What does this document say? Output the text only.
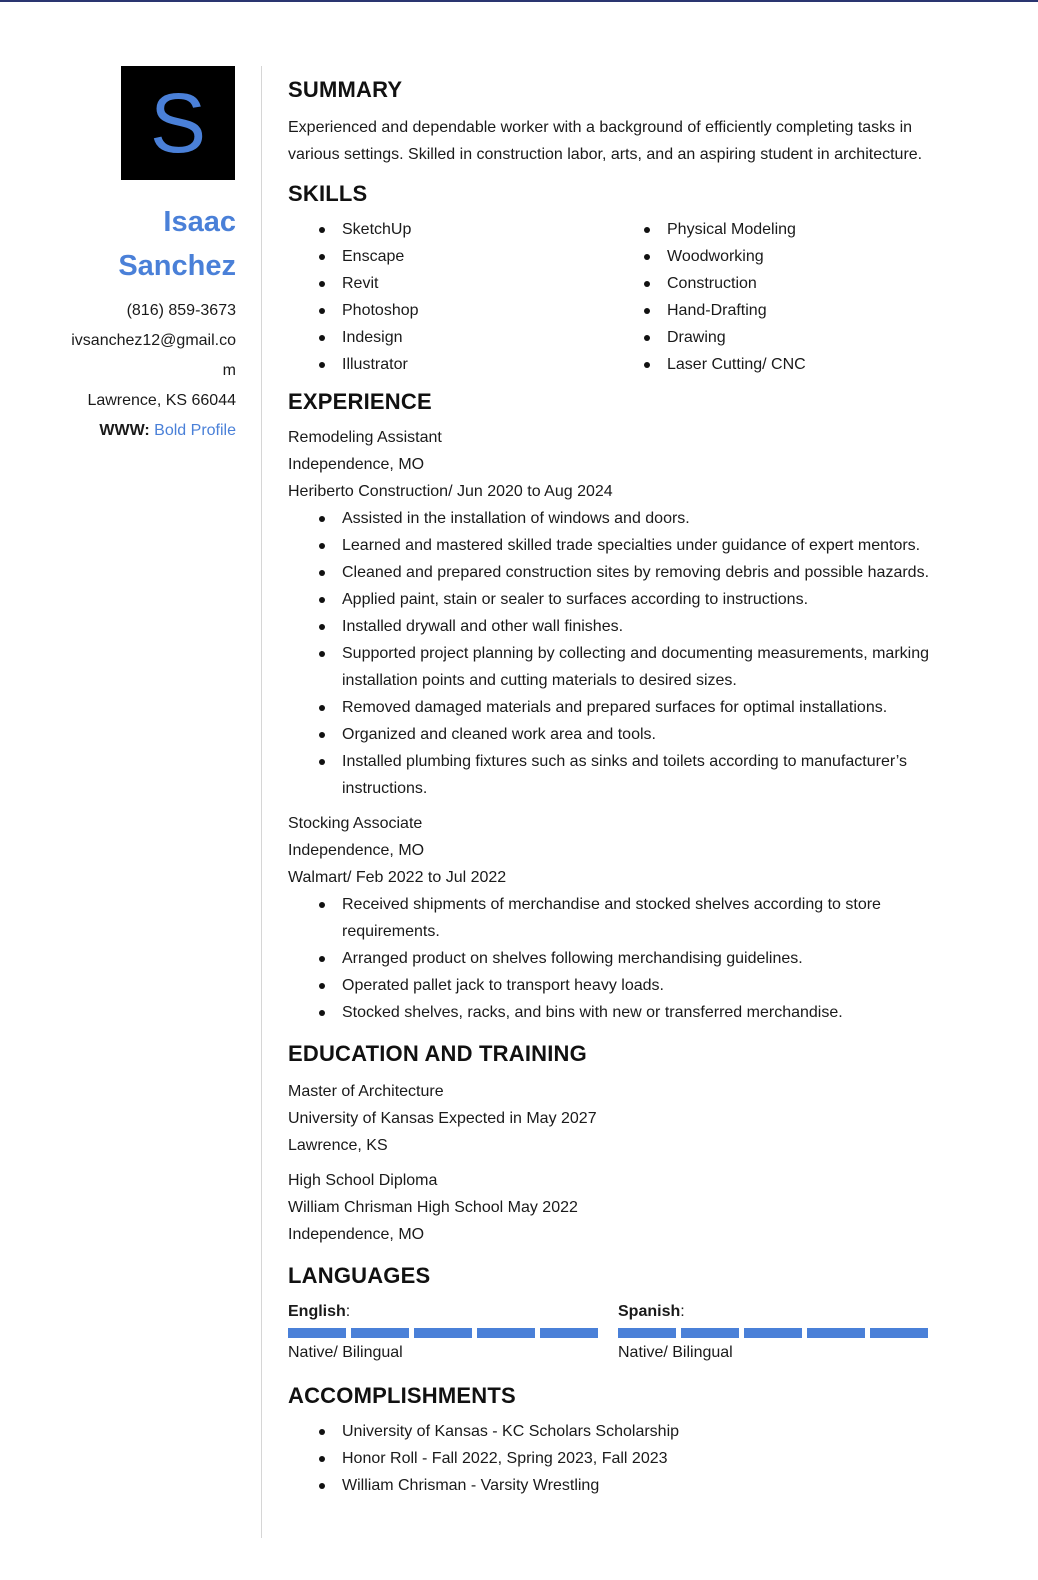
S
Isaac
Sanchez
(816) 859-3673
ivsanchez12@gmail.com
Lawrence, KS 66044
WWW: Bold Profile
SUMMARY

Experienced and dependable worker with a background of efficiently completing tasks in various settings. Skilled in construction labor, arts, and an aspiring student in architecture.

SKILLS
SketchUp
Enscape
Revit
Photoshop
Indesign
Illustrator
Physical Modeling
Woodworking
Construction
Hand-Drafting
Drawing
Laser Cutting/ CNC
EXPERIENCE
Remodeling Assistant
Independence, MO
Heriberto Construction/ Jun 2020 to Aug 2024
Assisted in the installation of windows and doors.
Learned and mastered skilled trade specialties under guidance of expert mentors.
Cleaned and prepared construction sites by removing debris and possible hazards.
Applied paint, stain or sealer to surfaces according to instructions.
Installed drywall and other wall finishes.
Supported project planning by collecting and documenting measurements, marking installation points and cutting materials to desired sizes.
Removed damaged materials and prepared surfaces for optimal installations.
Organized and cleaned work area and tools.
Installed plumbing fixtures such as sinks and toilets according to manufacturer’s instructions.
Stocking Associate
Independence, MO
Walmart/ Feb 2022 to Jul 2022
Received shipments of merchandise and stocked shelves according to store requirements.
Arranged product on shelves following merchandising guidelines.
Operated pallet jack to transport heavy loads.
Stocked shelves, racks, and bins with new or transferred merchandise.
EDUCATION AND TRAINING
Master of Architecture
University of Kansas Expected in May 2027
Lawrence, KS
High School Diploma
William Chrisman High School May 2022
Independence, MO
LANGUAGES
English:
Native/ Bilingual
Spanish:
Native/ Bilingual
ACCOMPLISHMENTS
University of Kansas - KC Scholars Scholarship
Honor Roll - Fall 2022, Spring 2023, Fall 2023
William Chrisman - Varsity Wrestling
